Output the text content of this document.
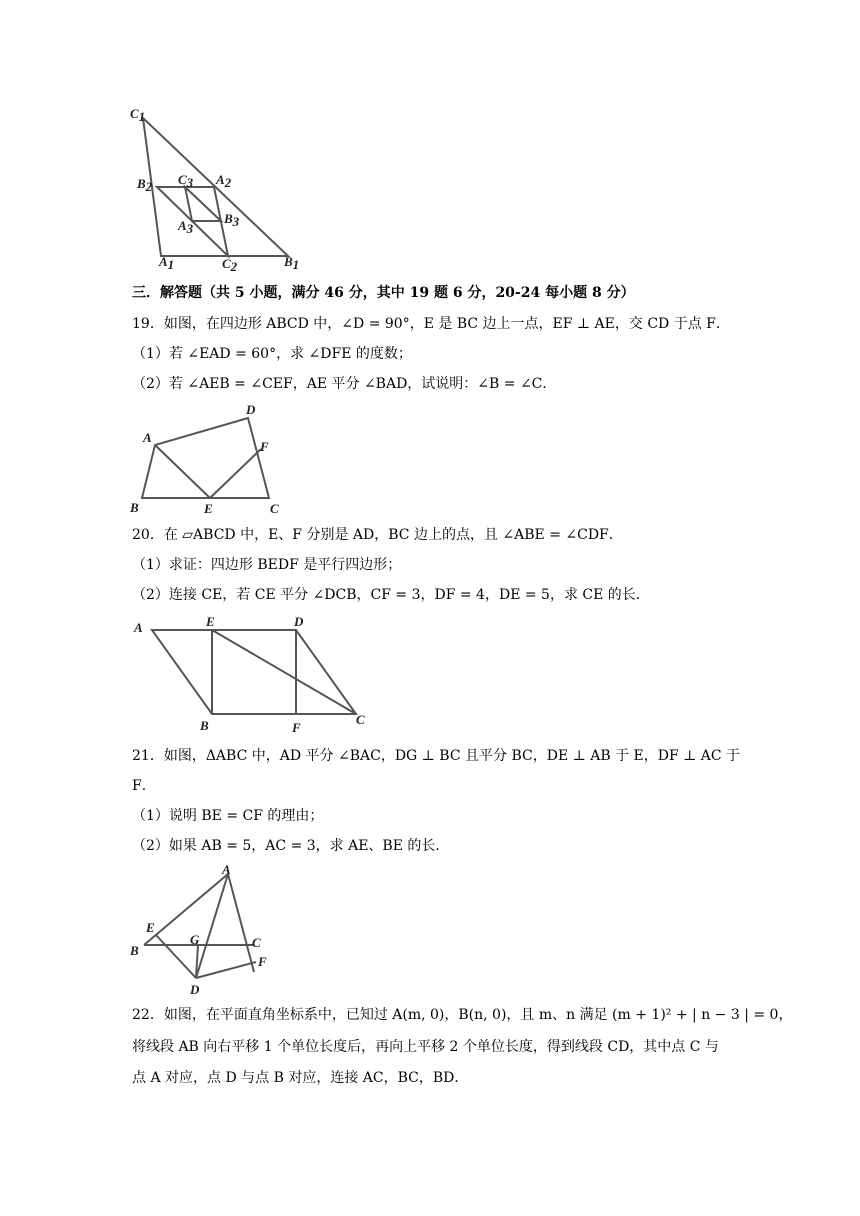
C1
B2 C3 A2
B3
A3
A1	C2	B1
三．解答题（共 5 小题，满分 46 分，其中 19 题 6 分，20-24 每小题 8 分）
19．如图，在四边形 ABCD 中，∠D = 90°，E 是 BC 边上一点，EF ⊥ AE，交 CD 于点 F．
（1）若 ∠EAD = 60°，求 ∠DFE 的度数；
（2）若 ∠AEB = ∠CEF，AE 平分 ∠BAD，试说明：∠B = ∠C．
A
B	C
D
E
F
20．在 ▱ABCD 中，E、F 分别是 AD，BC 边上的点，且 ∠ABE = ∠CDF．
（1）求证：四边形 BEDF 是平行四边形；
（2）连接 CE，若 CE 平分 ∠DCB，CF = 3，DF = 4，DE = 5，求 CE 的长．
A
B	C
D
E
F
21．如图，ΔABC 中，AD 平分 ∠BAC，DG ⊥ BC 且平分 BC，DE ⊥ AB 于 E，DF ⊥ AC 于
F．
（1）说明 BE = CF 的理由；
（2）如果 AB = 5，AC = 3，求 AE、BE 的长．
A
B
C
D
E
F
G
22．如图，在平面直角坐标系中，已知过 A(m, 0)，B(n, 0)，且 m、n 满足 (m + 1)² + | n − 3 | = 0，
将线段 AB 向右平移 1 个单位长度后，再向上平移 2 个单位长度，得到线段 CD，其中点 C 与
点 A 对应，点 D 与点 B 对应，连接 AC，BC，BD．
